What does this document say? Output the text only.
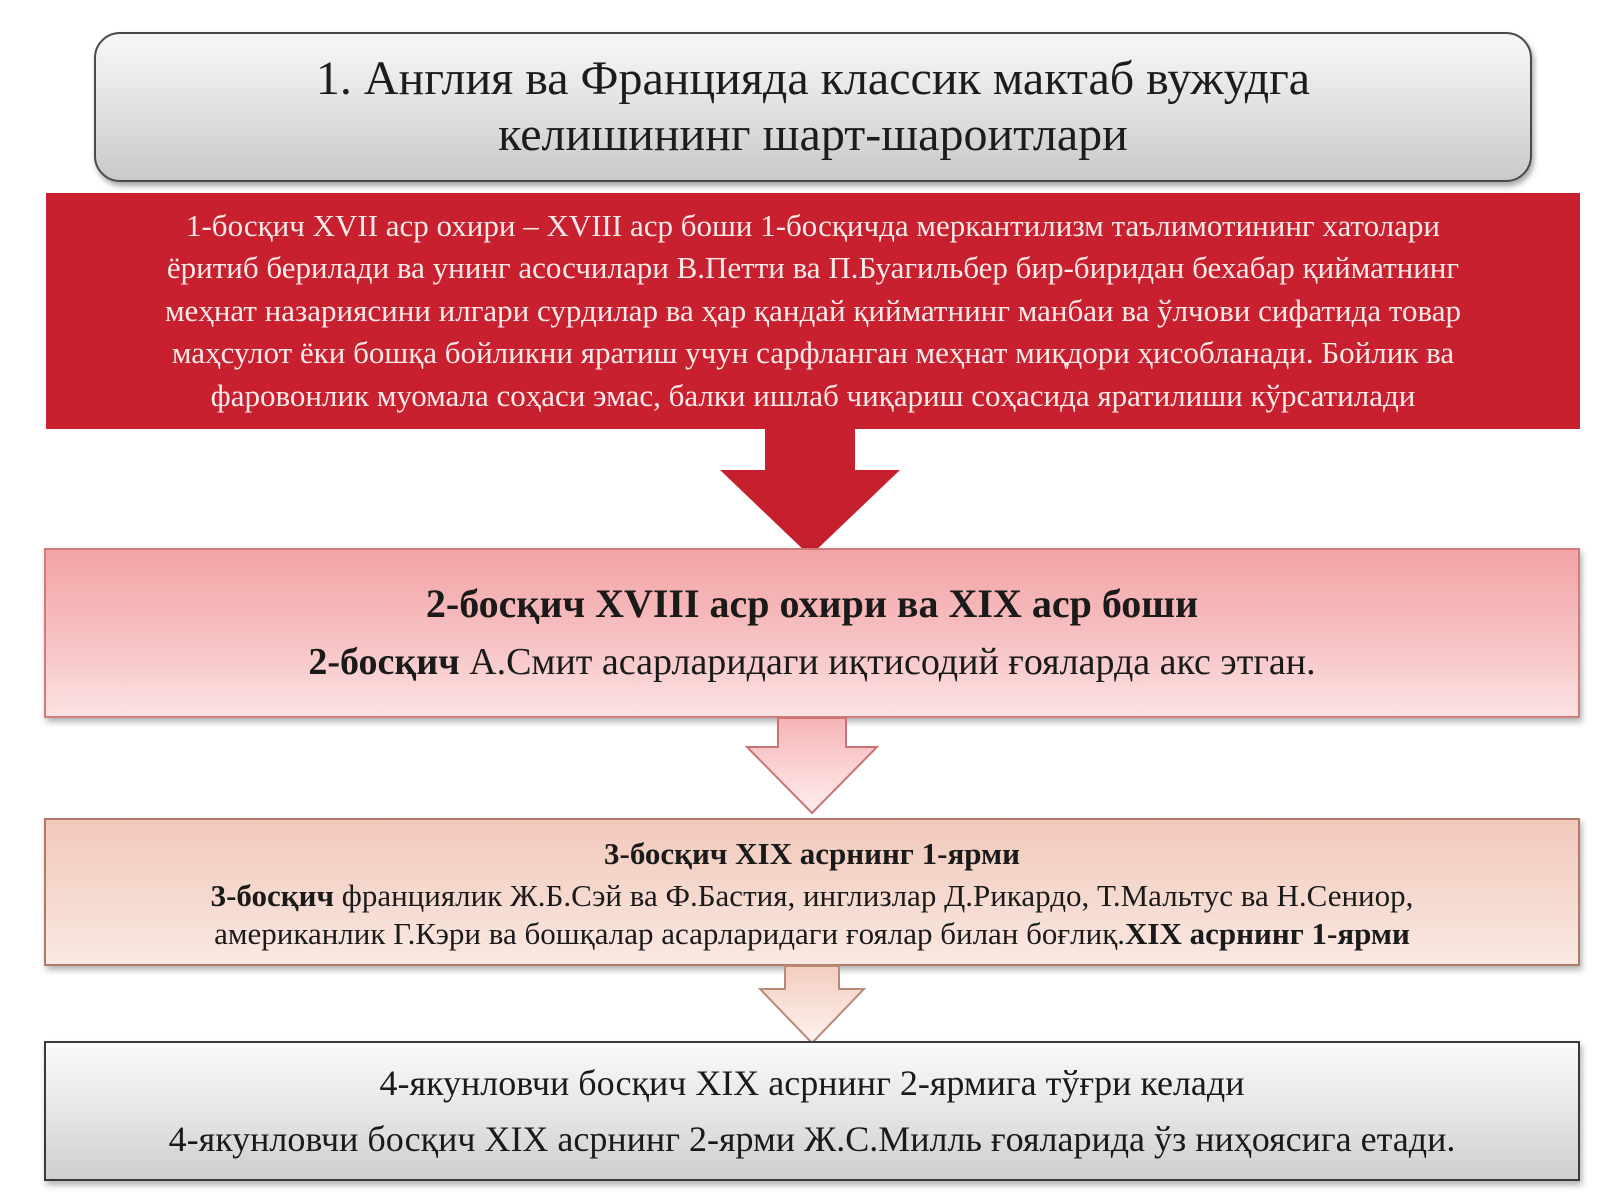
1. Англия ва Францияда классик мактаб вужудга
келишининг шарт-шароитлари
1-босқич XVII аср охири – XVIII аср боши 1-босқичда меркантилизм таълимотининг хатолари
ёритиб берилади ва унинг асосчилари В.Петти ва П.Буагильбер бир-биридан бехабар қийматнинг
меҳнат назариясини илгари сурдилар ва ҳар қандай қийматнинг манбаи ва ўлчови сифатида товар
маҳсулот ёки бошқа бойликни яратиш учун сарфланган меҳнат миқдори ҳисобланади. Бойлик ва
фаровонлик муомала соҳаси эмас, балки ишлаб чиқариш соҳасида яратилиши кўрсатилади
2-босқич XVIII аср охири ва XIX аср боши
2-босқич А.Смит асарларидаги иқтисодий ғояларда акс этган.
3-босқич XIX асрнинг 1-ярми
3-босқич франциялик Ж.Б.Сэй ва Ф.Бастия, инглизлар Д.Рикардо, Т.Мальтус ва Н.Сениор,
американлик Г.Кэри ва бошқалар асарларидаги ғоялар билан боғлиқ.XIX асрнинг 1-ярми
4-якунловчи босқич XIX асрнинг 2-ярмига тўғри келади
4-якунловчи босқич XIX асрнинг 2-ярми Ж.С.Милль ғояларида ўз ниҳоясига етади.
